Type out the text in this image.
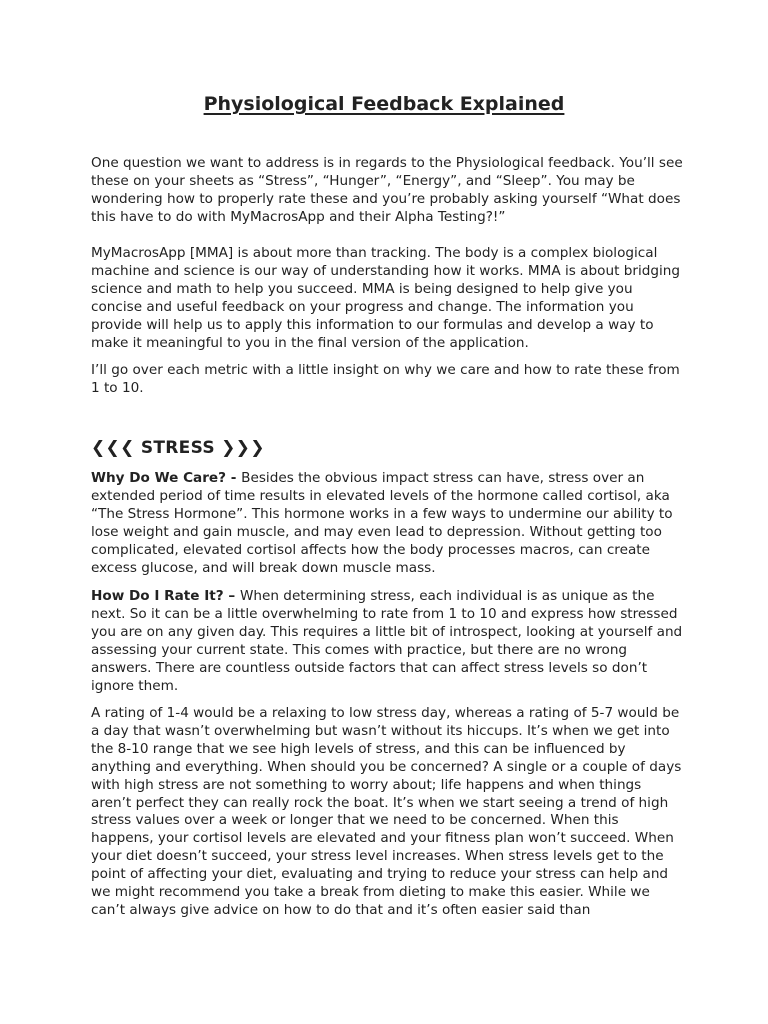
Physiological Feedback Explained

One question we want to address is in regards to the Physiological feedback. You’ll see these on your sheets as “Stress”, “Hunger”, “Energy”, and “Sleep”. You may be wondering how to properly rate these and you’re probably asking yourself “What does this have to do with MyMacrosApp and their Alpha Testing?!”

MyMacrosApp [MMA] is about more than tracking. The body is a complex biological machine and science is our way of understanding how it works. MMA is about bridging science and math to help you succeed. MMA is being designed to help give you concise and useful feedback on your progress and change. The information you provide will help us to apply this information to our formulas and develop a way to make it meaningful to you in the final version of the application.

I’ll go over each metric with a little insight on why we care and how to rate these from 1 to 10.

❮❮❮ STRESS ❯❯❯

Why Do We Care? - Besides the obvious impact stress can have, stress over an extended period of time results in elevated levels of the hormone called cortisol, aka “The Stress Hormone”. This hormone works in a few ways to undermine our ability to lose weight and gain muscle, and may even lead to depression. Without getting too complicated, elevated cortisol affects how the body processes macros, can create excess glucose, and will break down muscle mass.

How Do I Rate It? – When determining stress, each individual is as unique as the next. So it can be a little overwhelming to rate from 1 to 10 and express how stressed you are on any given day. This requires a little bit of introspect, looking at yourself and assessing your current state. This comes with practice, but there are no wrong answers. There are countless outside factors that can affect stress levels so don’t ignore them.

A rating of 1-4 would be a relaxing to low stress day, whereas a rating of 5-7 would be a day that wasn’t overwhelming but wasn’t without its hiccups. It’s when we get into the 8-10 range that we see high levels of stress, and this can be influenced by anything and everything. When should you be concerned? A single or a couple of days with high stress are not something to worry about; life happens and when things aren’t perfect they can really rock the boat. It’s when we start seeing a trend of high stress values over a week or longer that we need to be concerned. When this happens, your cortisol levels are elevated and your fitness plan won’t succeed. When your diet doesn’t succeed, your stress level increases. When stress levels get to the point of affecting your diet, evaluating and trying to reduce your stress can help and we might recommend you take a break from dieting to make this easier. While we can’t always give advice on how to do that and it’s often easier said than
